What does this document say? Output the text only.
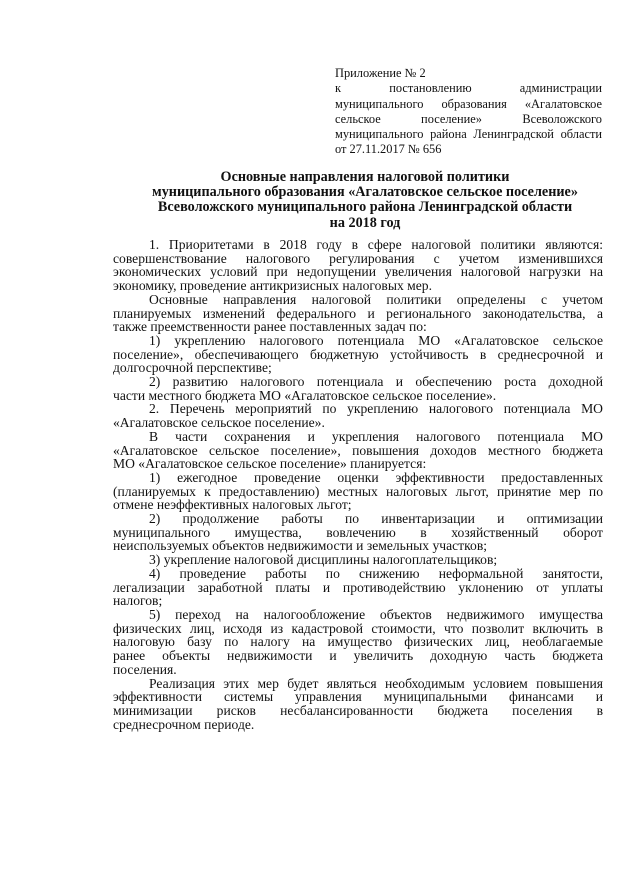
Приложение № 2
к постановлению администрации
муниципального образования «Агалатовское
сельское поселение» Всеволожского
муниципального района Ленинградской области
от 27.11.2017 № 656
Основные направления налоговой политики
муниципального образования «Агалатовское сельское поселение»
Всеволожского муниципального района Ленинградской области
на 2018 год
1. Приоритетами в 2018 году в сфере налоговой политики являются:
совершенствование налогового регулирования с учетом изменившихся
экономических условий при недопущении увеличения налоговой нагрузки на
экономику, проведение антикризисных налоговых мер.
Основные направления налоговой политики определены с учетом
планируемых изменений федерального и регионального законодательства, а
также преемственности ранее поставленных задач по:
1) укреплению налогового потенциала МО «Агалатовское сельское
поселение», обеспечивающего бюджетную устойчивость в среднесрочной и
долгосрочной перспективе;
2) развитию налогового потенциала и обеспечению роста доходной
части местного бюджета МО «Агалатовское сельское поселение».
2. Перечень мероприятий по укреплению налогового потенциала МО
«Агалатовское сельское поселение».
В части сохранения и укрепления налогового потенциала МО
«Агалатовское сельское поселение», повышения доходов местного бюджета
МО «Агалатовское сельское поселение» планируется:
1) ежегодное проведение оценки эффективности предоставленных
(планируемых к предоставлению) местных налоговых льгот, принятие мер по
отмене неэффективных налоговых льгот;
2) продолжение работы по инвентаризации и оптимизации
муниципального имущества, вовлечению в хозяйственный оборот
неиспользуемых объектов недвижимости и земельных участков;
3) укрепление налоговой дисциплины налогоплательщиков;
4) проведение работы по снижению неформальной занятости,
легализации заработной платы и противодействию уклонению от уплаты
налогов;
5) переход на налогообложение объектов недвижимого имущества
физических лиц, исходя из кадастровой стоимости, что позволит включить в
налоговую базу по налогу на имущество физических лиц, необлагаемые
ранее объекты недвижимости и увеличить доходную часть бюджета
поселения.
Реализация этих мер будет являться необходимым условием повышения
эффективности системы управления муниципальными финансами и
минимизации рисков несбалансированности бюджета поселения в
среднесрочном периоде.
